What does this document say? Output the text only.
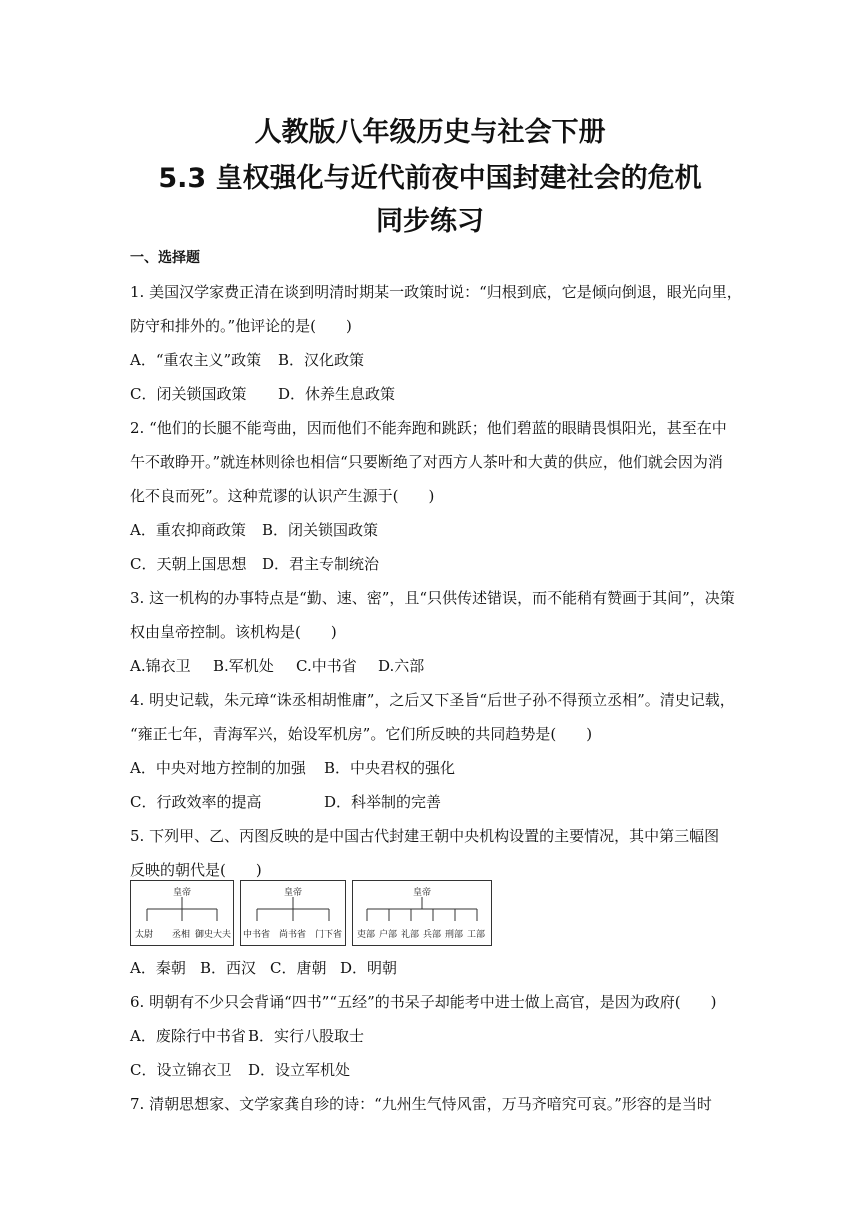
人教版八年级历史与社会下册
5.3 皇权强化与近代前夜中国封建社会的危机
同步练习
一、选择题
1. 美国汉学家费正清在谈到明清时期某一政策时说：“归根到底，它是倾向倒退，眼光向里，
防守和排外的。”他评论的是(　　)
A．“重农主义”政策 B．汉化政策
C．闭关锁国政策 D．休养生息政策
2. “他们的长腿不能弯曲，因而他们不能奔跑和跳跃；他们碧蓝的眼睛畏惧阳光，甚至在中
午不敢睁开。”就连林则徐也相信“只要断绝了对西方人茶叶和大黄的供应，他们就会因为消
化不良而死”。这种荒谬的认识产生源于(　　)
A．重农抑商政策 B．闭关锁国政策
C．天朝上国思想 D．君主专制统治
3. 这一机构的办事特点是“勤、速、密”，且“只供传述错误，而不能稍有赞画于其间”，决策
权由皇帝控制。该机构是(　　)
A.锦衣卫 B.军机处 C.中书省 D.六部
4. 明史记载，朱元璋“诛丞相胡惟庸”，之后又下圣旨“后世子孙不得预立丞相”。清史记载，
“雍正七年，青海军兴，始设军机房”。它们所反映的共同趋势是(　　)
A．中央对地方控制的加强 B．中央君权的强化
C．行政效率的提高	D．科举制的完善
5. 下列甲、乙、丙图反映的是中国古代封建王朝中央机构设置的主要情况，其中第三幅图
反映的朝代是(　　)
皇帝
太尉 丞相 御史大夫
皇帝
中书省 尚书省 门下省
皇帝
吏部 户部 礼部 兵部 刑部 工部
A．秦朝 B．西汉 C．唐朝 D．明朝
6. 明朝有不少只会背诵“四书”“五经”的书呆子却能考中进士做上高官，是因为政府(　　)
A．废除行中书省 B．实行八股取士
C．设立锦衣卫 D．设立军机处
7. 清朝思想家、文学家龚自珍的诗：“九州生气恃风雷，万马齐喑究可哀。”形容的是当时
